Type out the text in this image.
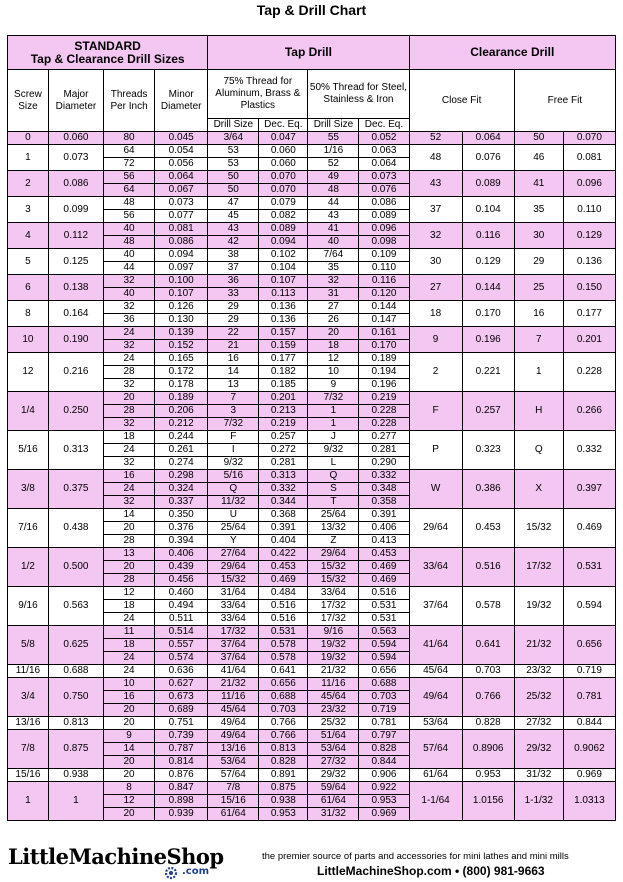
Tap & Drill Chart
STANDARD
Tap & Clearance Drill Sizes				Tap Drill				Clearance Drill			
Screw Size	Major Diameter	Threads Per Inch	Minor Diameter	75% Thread for Aluminum, Brass & Plastics		50% Thread for Steel, Stainless & Iron		Close Fit		Free Fit	
				Drill Size	Dec. Eq.	Drill Size	Dec. Eq.				

0	0.060	80	0.045	3/64	0.047	55	0.052	52	0.064	50	0.070
1	0.073	64	0.054	53	0.060	1/16	0.063	48	0.076	46	0.081
		72	0.056	53	0.060	52	0.064				
2	0.086	56	0.064	50	0.070	49	0.073	43	0.089	41	0.096
		64	0.067	50	0.070	48	0.076				
3	0.099	48	0.073	47	0.079	44	0.086	37	0.104	35	0.110
		56	0.077	45	0.082	43	0.089				
4	0.112	40	0.081	43	0.089	41	0.096	32	0.116	30	0.129
		48	0.086	42	0.094	40	0.098				
5	0.125	40	0.094	38	0.102	7/64	0.109	30	0.129	29	0.136
		44	0.097	37	0.104	35	0.110				
6	0.138	32	0.100	36	0.107	32	0.116	27	0.144	25	0.150
		40	0.107	33	0.113	31	0.120				
8	0.164	32	0.126	29	0.136	27	0.144	18	0.170	16	0.177
		36	0.130	29	0.136	26	0.147				
10	0.190	24	0.139	22	0.157	20	0.161	9	0.196	7	0.201
		32	0.152	21	0.159	18	0.170				
12	0.216	24	0.165	16	0.177	12	0.189	2	0.221	1	0.228
		28	0.172	14	0.182	10	0.194				
		32	0.178	13	0.185	9	0.196				
1/4	0.250	20	0.189	7	0.201	7/32	0.219	F	0.257	H	0.266
		28	0.206	3	0.213	1	0.228				
		32	0.212	7/32	0.219	1	0.228				
5/16	0.313	18	0.244	F	0.257	J	0.277	P	0.323	Q	0.332
		24	0.261	I	0.272	9/32	0.281				
		32	0.274	9/32	0.281	L	0.290				
3/8	0.375	16	0.298	5/16	0.313	Q	0.332	W	0.386	X	0.397
		24	0.324	Q	0.332	S	0.348				
		32	0.337	11/32	0.344	T	0.358				
7/16	0.438	14	0.350	U	0.368	25/64	0.391	29/64	0.453	15/32	0.469
		20	0.376	25/64	0.391	13/32	0.406				
		28	0.394	Y	0.404	Z	0.413				
1/2	0.500	13	0.406	27/64	0.422	29/64	0.453	33/64	0.516	17/32	0.531
		20	0.439	29/64	0.453	15/32	0.469				
		28	0.456	15/32	0.469	15/32	0.469				
9/16	0.563	12	0.460	31/64	0.484	33/64	0.516	37/64	0.578	19/32	0.594
		18	0.494	33/64	0.516	17/32	0.531				
		24	0.511	33/64	0.516	17/32	0.531				
5/8	0.625	11	0.514	17/32	0.531	9/16	0.563	41/64	0.641	21/32	0.656
		18	0.557	37/64	0.578	19/32	0.594				
		24	0.574	37/64	0.578	19/32	0.594				
11/16	0.688	24	0.636	41/64	0.641	21/32	0.656	45/64	0.703	23/32	0.719
3/4	0.750	10	0.627	21/32	0.656	11/16	0.688	49/64	0.766	25/32	0.781
		16	0.673	11/16	0.688	45/64	0.703				
		20	0.689	45/64	0.703	23/32	0.719				
13/16	0.813	20	0.751	49/64	0.766	25/32	0.781	53/64	0.828	27/32	0.844
7/8	0.875	9	0.739	49/64	0.766	51/64	0.797	57/64	0.8906	29/32	0.9062
		14	0.787	13/16	0.813	53/64	0.828				
		20	0.814	53/64	0.828	27/32	0.844				
15/16	0.938	20	0.876	57/64	0.891	29/32	0.906	61/64	0.953	31/32	0.969
1	1	8	0.847	7/8	0.875	59/64	0.922	1-1/64	1.0156	1-1/32	1.0313
		12	0.898	15/16	0.938	61/64	0.953				
		20	0.939	61/64	0.953	31/32	0.969				
LittleMachineShop
.com
the premier source of parts and accessories for mini lathes and mini mills
LittleMachineShop.com • (800) 981-9663
